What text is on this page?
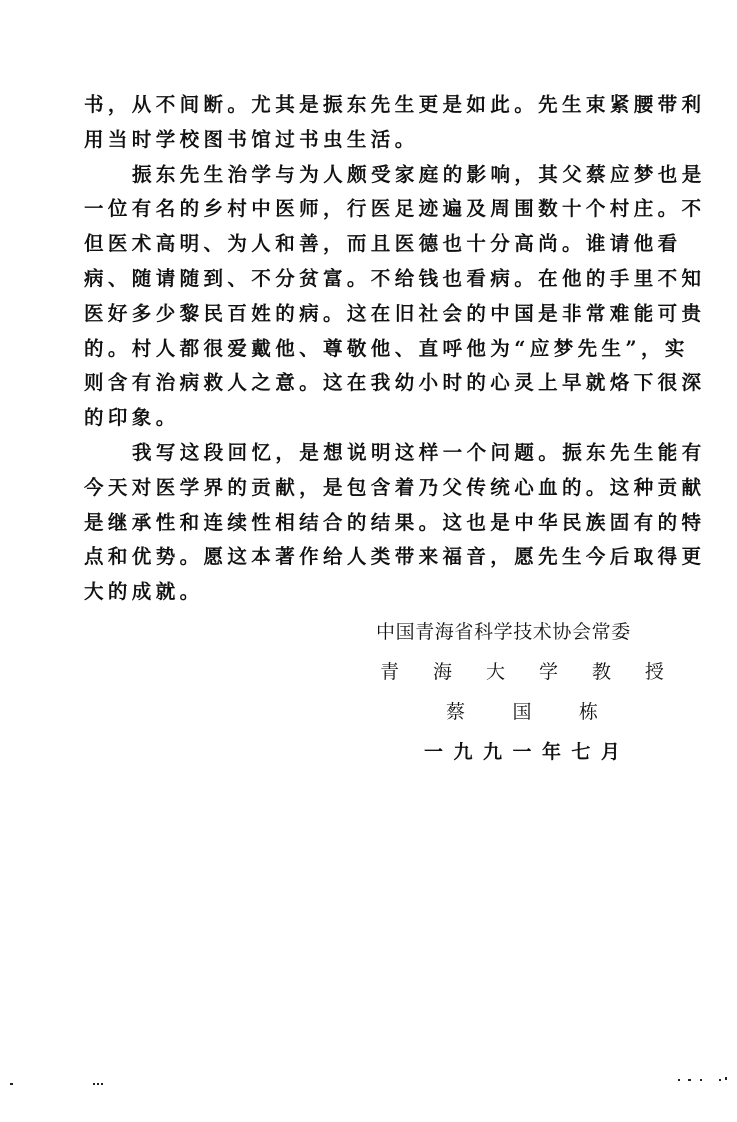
书，从不间断。尤其是振东先生更是如此。先生束紧腰带利
用当时学校图书馆过书虫生活。
振东先生治学与为人颇受家庭的影响，其父蔡应梦也是
一位有名的乡村中医师，行医足迹遍及周围数十个村庄。不
但医术高明、为人和善，而且医德也十分高尚。谁请他看
病、随请随到、不分贫富。不给钱也看病。在他的手里不知
医好多少黎民百姓的病。这在旧社会的中国是非常难能可贵
的。村人都很爱戴他、尊敬他、直呼他为“应梦先生”，实
则含有治病救人之意。这在我幼小时的心灵上早就烙下很深
的印象。
我写这段回忆，是想说明这样一个问题。振东先生能有
今天对医学界的贡献，是包含着乃父传统心血的。这种贡献
是继承性和连续性相结合的结果。这也是中华民族固有的特
点和优势。愿这本著作给人类带来福音，愿先生今后取得更
大的成就。
中国青海省科学技术协会常委
青 海 大 学 教 授
蔡 国 栋
一 九 九 一 年 七 月
